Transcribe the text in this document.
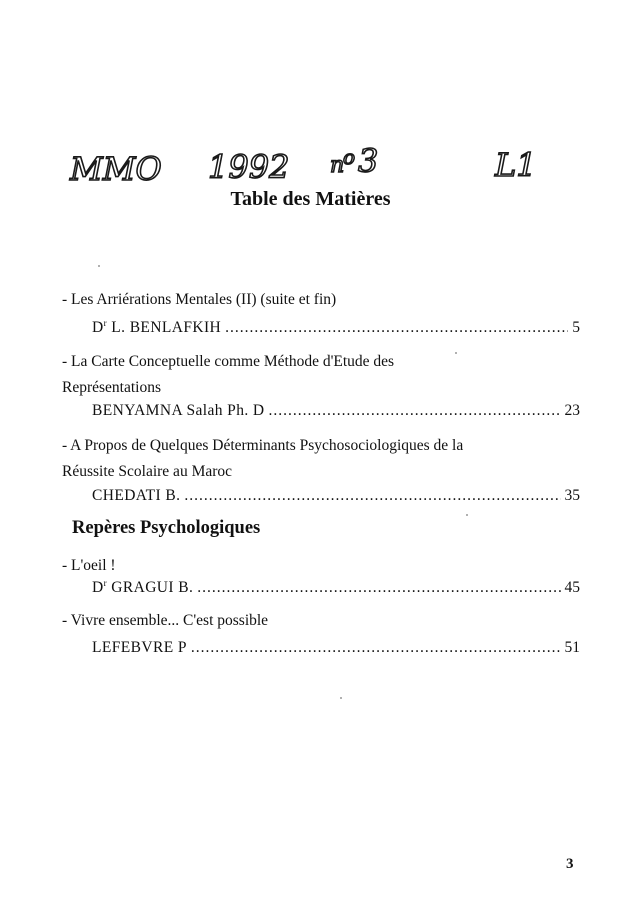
MMO 1992 n
o 3	L1
Table des Matières
- Les Arriérations Mentales (II) (suite et fin)
$D^r$ L. BENLAFKIH .....	5
- La Carte Conceptuelle comme Méthode d'Etude des
Représentations
BENYAMNA Salah Ph. D .....	23
- A Propos de Quelques Déterminants Psychosociologiques de la
Réussite Scolaire au Maroc
CHEDATI B. .....	35
Repères Psychologiques
- L'oeil !
$D^r$ GRAGUI B. .....	45
- Vivre ensemble... C'est possible
LEFEBVRE P .....	51
3
